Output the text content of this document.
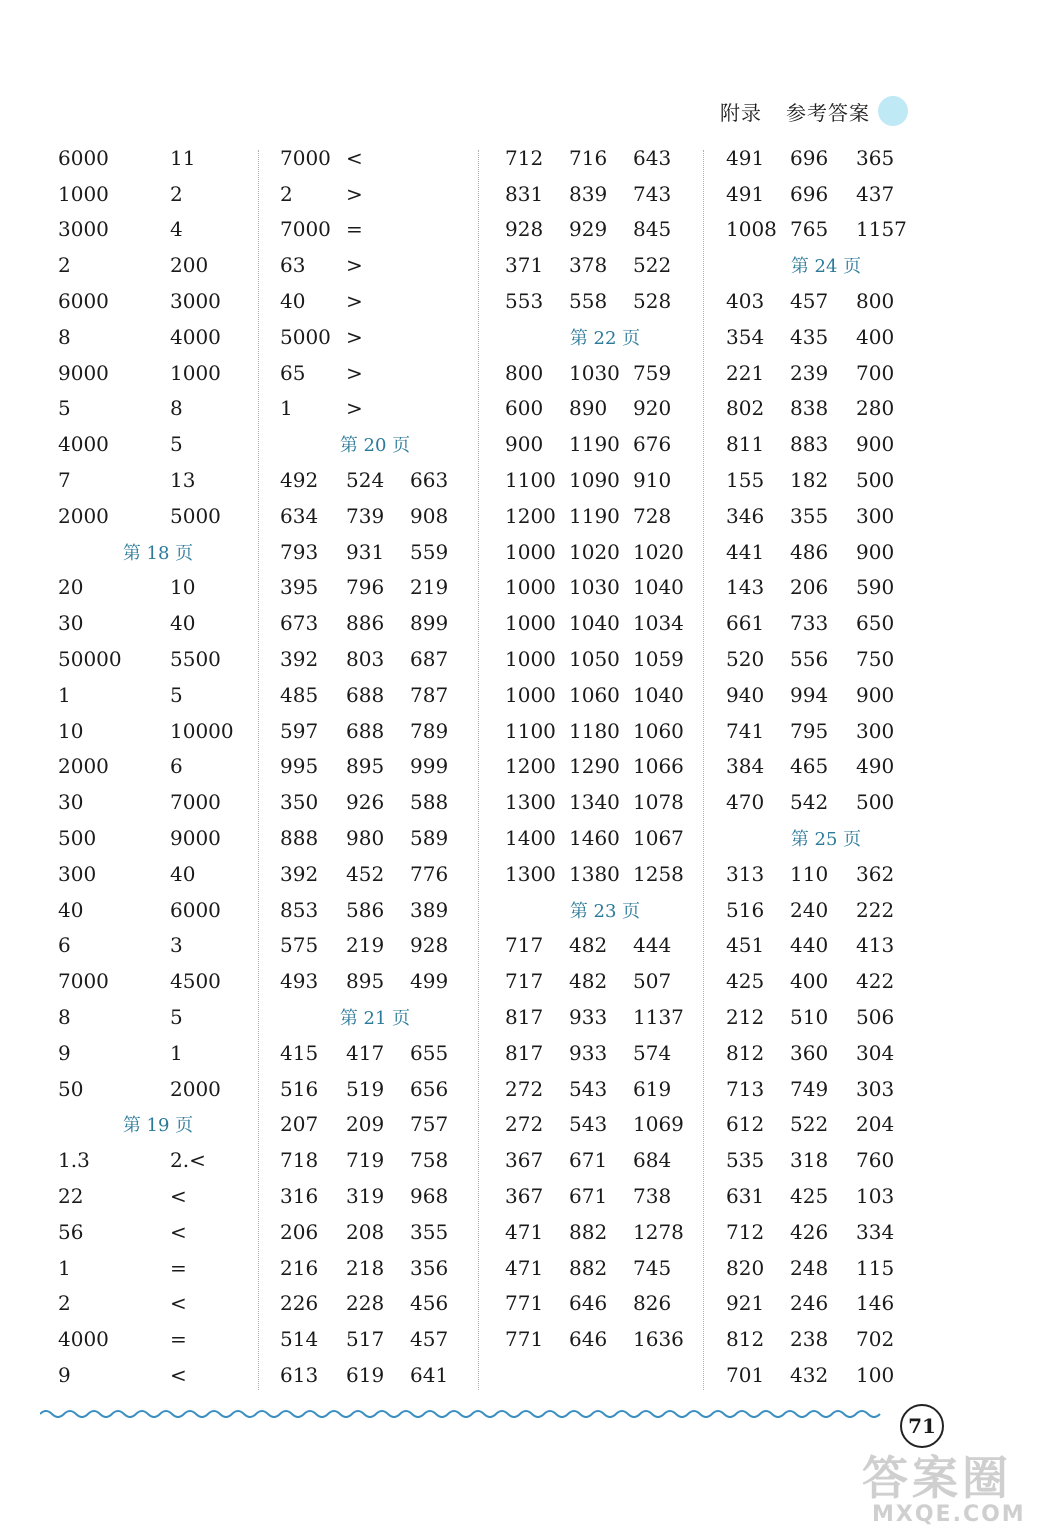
附录 参考答案
6000	11
1000	2
3000	4
2	200
6000	3000
8	4000
9000	1000
5	8
4000	5
7	13
2000	5000
第 18 页
20	10
30	40
50000	5500
1	5
10	10000
2000	6
30	7000
500	9000
300	40
40	6000
6	3
7000	4500
8	5
9	1
50	2000
第 19 页
1.3	2.<
22	<
56	<
1	=
2	<
4000	=
9	<
7000 <
2	>
7000 =
63	>
40	>
5000 >
65	>
1	>
第 20 页
492	524	663
634	739	908
793	931	559
395	796	219
673	886	899
392	803	687
485	688	787
597	688	789
995	895	999
350	926	588
888	980	589
392	452	776
853	586	389
575	219	928
493	895	499
第 21 页
415	417	655
516	519	656
207	209	757
718	719	758
316	319	968
206	208	355
216	218	356
226	228	456
514	517	457
613	619	641
712	716	643
831	839	743
928	929	845
371	378	522
553	558	528
第 22 页
800	1030 759
600	890	920
900	1190 676
1100 1090 910
1200 1190 728
1000 1020 1020
1000 1030 1040
1000 1040 1034
1000 1050 1059
1000 1060 1040
1100 1180 1060
1200 1290 1066
1300 1340 1078
1400 1460 1067
1300 1380 1258
第 23 页
717	482	444
717	482	507
817	933	1137
817	933	574
272	543	619
272	543	1069
367	671	684
367	671	738
471	882	1278
471	882	745
771	646	826
771	646	1636
491	696	365
491	696	437
1008 765	1157
第 24 页
403	457	800
354	435	400
221	239	700
802	838	280
811	883	900
155	182	500
346	355	300
441	486	900
143	206	590
661	733	650
520	556	750
940	994	900
741	795	300
384	465	490
470	542	500
第 25 页
313	110	362
516	240	222
451	440	413
425	400	422
212	510	506
812	360	304
713	749	303
612	522	204
535	318	760
631	425	103
712	426	334
820	248	115
921	246	146
812	238	702
701	432	100
71
答案圈
MXQE.COM
